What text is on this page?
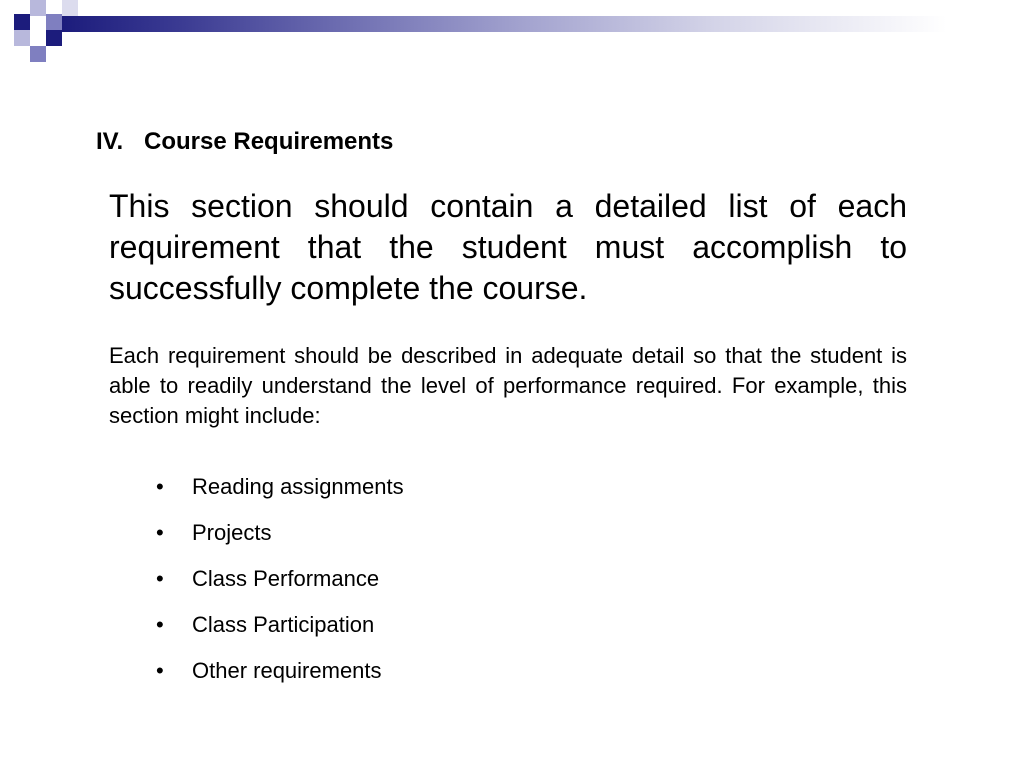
IV. Course Requirements

This section should contain a detailed list of each requirement that the student must accomplish to successfully complete the course.

Each requirement should be described in adequate detail so that the student is able to readily understand the level of performance required. For example, this section might include:

• Reading assignments
• Projects
• Class Performance
• Class Participation
• Other requirements
